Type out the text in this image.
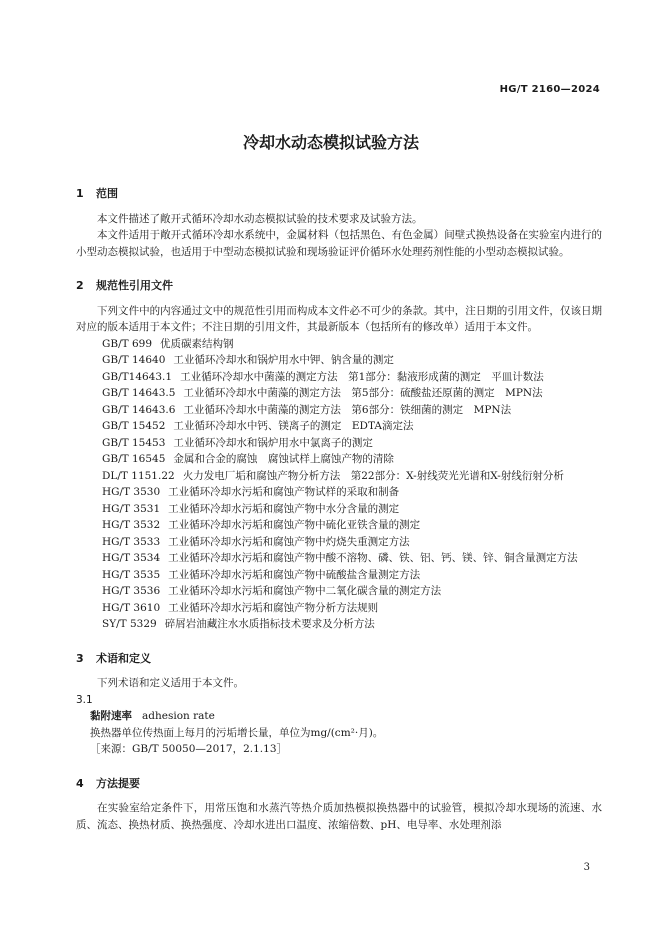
HG/T 2160—2024
冷却水动态模拟试验方法
1 范围
本文件描述了敞开式循环冷却水动态模拟试验的技术要求及试验方法。
本文件适用于敞开式循环冷却水系统中，金属材料（包括黑色、有色金属）间壁式换热设备在实验室内进行的小型动态模拟试验，也适用于中型动态模拟试验和现场验证评价循环水处理药剂性能的小型动态模拟试验。
2 规范性引用文件
下列文件中的内容通过文中的规范性引用而构成本文件必不可少的条款。其中，注日期的引用文件，仅该日期对应的版本适用于本文件；不注日期的引用文件，其最新版本（包括所有的修改单）适用于本文件。
GB/T 699 优质碳素结构钢
GB/T 14640 工业循环冷却水和锅炉用水中钾、钠含量的测定
GB/T14643.1 工业循环冷却水中菌藻的测定方法　第1部分：黏液形成菌的测定　平皿计数法
GB/T 14643.5 工业循环冷却水中菌藻的测定方法　第5部分：硫酸盐还原菌的测定　MPN法
GB/T 14643.6 工业循环冷却水中菌藻的测定方法　第6部分：铁细菌的测定　MPN法
GB/T 15452 工业循环冷却水中钙、镁离子的测定　EDTA滴定法
GB/T 15453 工业循环冷却水和锅炉用水中氯离子的测定
GB/T 16545 金属和合金的腐蚀　腐蚀试样上腐蚀产物的清除
DL/T 1151.22 火力发电厂垢和腐蚀产物分析方法　第22部分：X-射线荧光光谱和X-射线衍射分析
HG/T 3530 工业循环冷却水污垢和腐蚀产物试样的采取和制备
HG/T 3531 工业循环冷却水污垢和腐蚀产物中水分含量的测定
HG/T 3532 工业循环冷却水污垢和腐蚀产物中硫化亚铁含量的测定
HG/T 3533 工业循环冷却水污垢和腐蚀产物中灼烧失重测定方法
HG/T 3534 工业循环冷却水污垢和腐蚀产物中酸不溶物、磷、铁、铝、钙、镁、锌、铜含量测定方法
HG/T 3535 工业循环冷却水污垢和腐蚀产物中硫酸盐含量测定方法
HG/T 3536 工业循环冷却水污垢和腐蚀产物中二氧化碳含量的测定方法
HG/T 3610 工业循环冷却水污垢和腐蚀产物分析方法规则
SY/T 5329 碎屑岩油藏注水水质指标技术要求及分析方法
3 术语和定义
下列术语和定义适用于本文件。
3.1
黏附速率 adhesion rate
换热器单位传热面上每月的污垢增长量，单位为mg/(cm²·月)。
［来源：GB/T 50050—2017，2.1.13］
4 方法提要
在实验室给定条件下，用常压饱和水蒸汽等热介质加热模拟换热器中的试验管，模拟冷却水现场的流速、水质、流态、换热材质、换热强度、冷却水进出口温度、浓缩倍数、pH、电导率、水处理剂添
3
